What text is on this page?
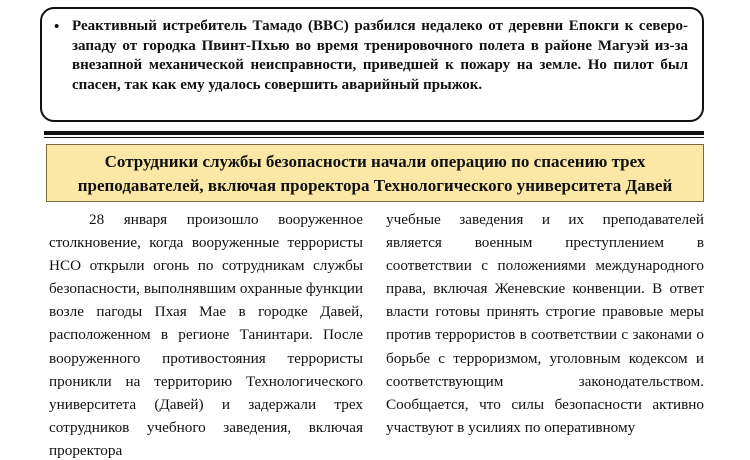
• Реактивный истребитель Тамадо (ВВС) разбился недалеко от деревни Епокги к северо-западу от городка Пвинт-Пхью во время тренировочного полета в районе Магуэй из-за внезапной механической неисправности, приведшей к пожару на земле. Но пилот был спасен, так как ему удалось совершить аварийный прыжок.
Сотрудники службы безопасности начали операцию по спасению трех преподавателей, включая проректора Технологического университета Давей
28 января произошло вооруженное столкновение, когда вооруженные террористы НСО открыли огонь по сотрудникам службы безопасности, выполнявшим охранные функции возле пагоды Пхая Мае в городке Давей, расположенном в регионе Танинтари. После вооруженного противостояния террористы проникли на территорию Технологического университета (Давей) и задержали трех сотрудников учебного заведения, включая проректора
учебные заведения и их преподавателей является военным преступлением в соответствии с положениями международного права, включая Женевские конвенции. В ответ власти готовы принять строгие правовые меры против террористов в соответствии с законами о борьбе с терроризмом, уголовным кодексом и соответствующим законодательством. Сообщается, что силы безопасности активно участвуют в усилиях по оперативному
